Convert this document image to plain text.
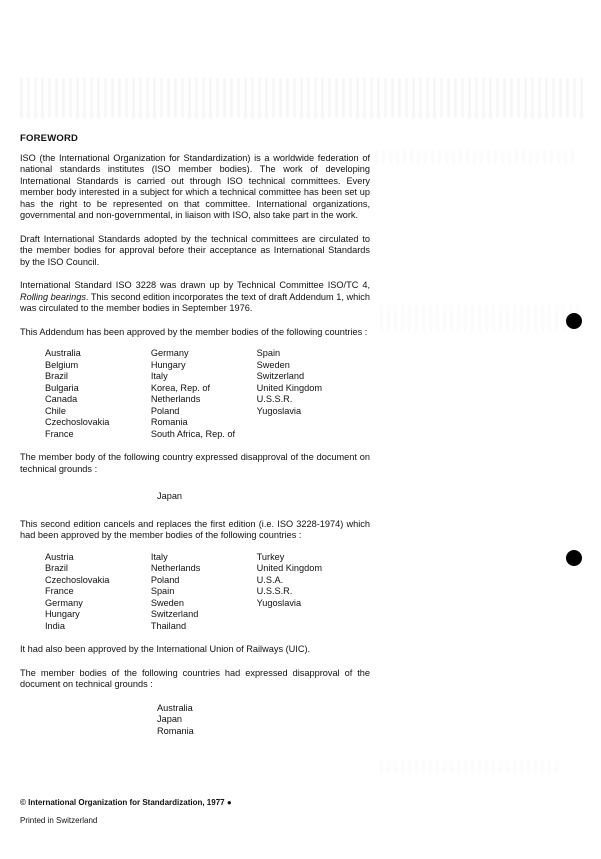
FOREWORD

ISO (the International Organization for Standardization) is a worldwide federation of national standards institutes (ISO member bodies). The work of developing International Standards is carried out through ISO technical committees. Every member body interested in a subject for which a technical committee has been set up has the right to be represented on that committee. International organizations, governmental and non-governmental, in liaison with ISO, also take part in the work.

Draft International Standards adopted by the technical committees are circulated to the member bodies for approval before their acceptance as International Standards by the ISO Council.

International Standard ISO 3228 was drawn up by Technical Committee ISO/TC 4, Rolling bearings. This second edition incorporates the text of draft Addendum 1, which was circulated to the member bodies in September 1976.

This Addendum has been approved by the member bodies of the following countries :

Australia
Belgium
Brazil
Bulgaria
Canada
Chile
Czechoslovakia
France
Germany
Hungary
Italy
Korea, Rep. of
Netherlands
Poland
Romania
South Africa, Rep. of
Spain
Sweden
Switzerland
United Kingdom
U.S.S.R.
Yugoslavia

The member body of the following country expressed disapproval of the document on technical grounds :

Japan

This second edition cancels and replaces the first edition (i.e. ISO 3228-1974) which had been approved by the member bodies of the following countries :

Austria
Brazil
Czechoslovakia
France
Germany
Hungary
India
Italy
Netherlands
Poland
Spain
Sweden
Switzerland
Thailand
Turkey
United Kingdom
U.S.A.
U.S.S.R.
Yugoslavia

It had also been approved by the International Union of Railways (UIC).

The member bodies of the following countries had expressed disapproval of the document on technical grounds :

Australia
Japan
Romania
© International Organization for Standardization, 1977 ●
Printed in Switzerland
